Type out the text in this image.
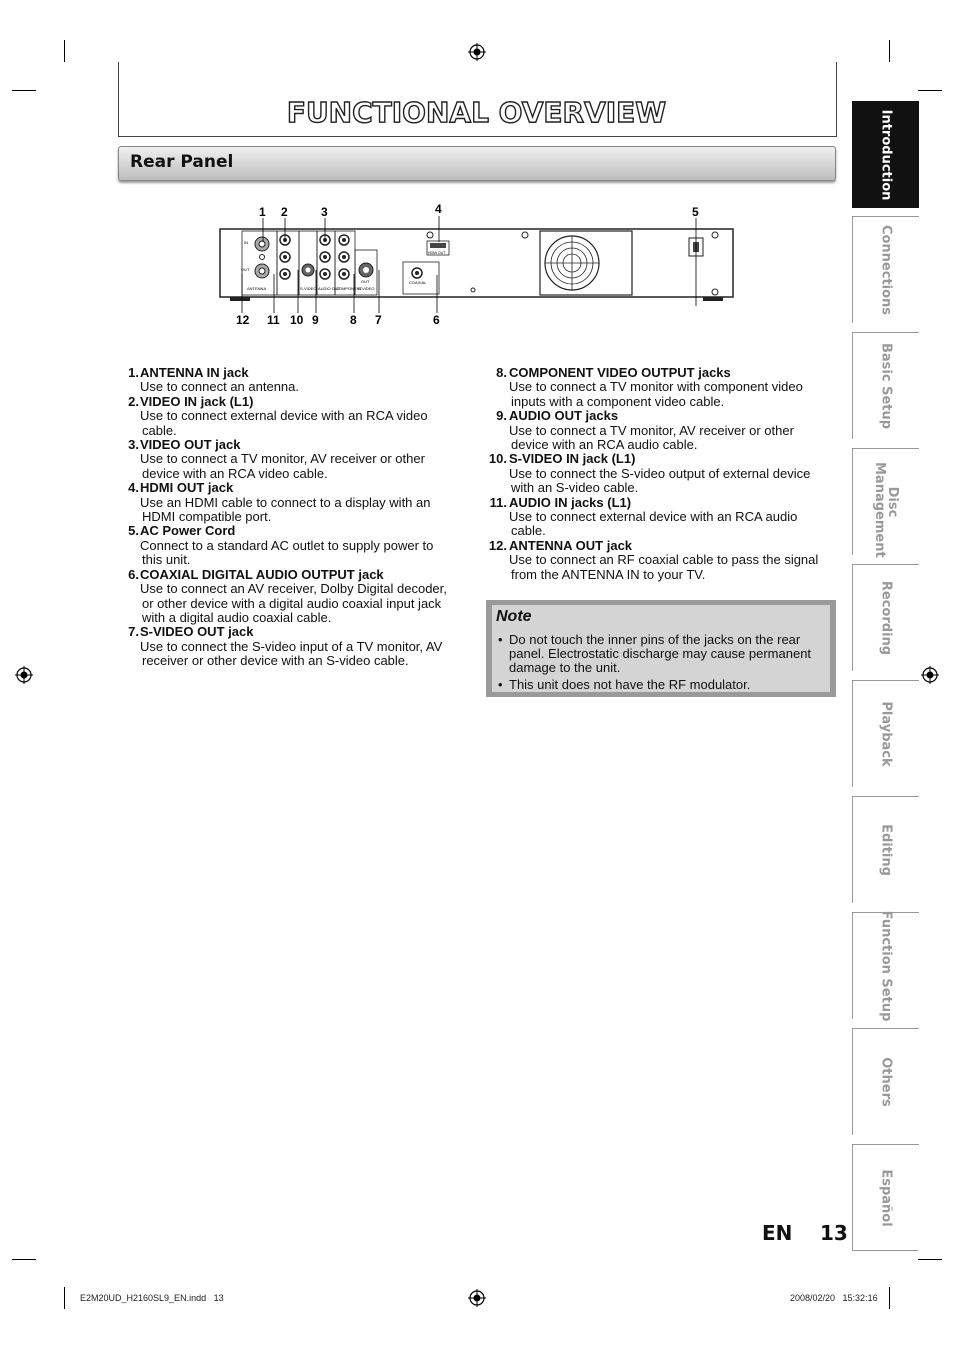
FUNCTIONAL OVERVIEW
Rear Panel	Introduction
Connections
Basic Setup
Disc Management
Recording
Playback
Editing
Function Setup
Others
Español
IN
OUT
ANTENNA	S-VIDEO AUDIO OUT
COMPONENT
S-VIDEO
OUT	COAXIAL
HDMI OUT
1 2	3	4	5
12 11 10 9	8 7	6
1. ANTENNA IN jack
Use to connect an antenna.
2. VIDEO IN jack (L1)
Use to connect external device with an RCA video
cable.
3. VIDEO OUT jack
Use to connect a TV monitor, AV receiver or other
device with an RCA video cable.
4. HDMI OUT jack
Use an HDMI cable to connect to a display with an
HDMI compatible port.
5. AC Power Cord
Connect to a standard AC outlet to supply power to
this unit.
6. COAXIAL DIGITAL AUDIO OUTPUT jack
Use to connect an AV receiver, Dolby Digital decoder,
or other device with a digital audio coaxial input jack
with a digital audio coaxial cable.
7. S-VIDEO OUT jack
Use to connect the S-video input of a TV monitor, AV
receiver or other device with an S-video cable.
8. COMPONENT VIDEO OUTPUT jacks
Use to connect a TV monitor with component video
inputs with a component video cable.
9. AUDIO OUT jacks
Use to connect a TV monitor, AV receiver or other
device with an RCA audio cable.
10. S-VIDEO IN jack (L1)
Use to connect the S-video output of external device
with an S-video cable.
11. AUDIO IN jacks (L1)
Use to connect external device with an RCA audio
cable.
12. ANTENNA OUT jack
Use to connect an RF coaxial cable to pass the signal
from the ANTENNA IN to your TV.
Note
• Do not touch the inner pins of the jacks on the rear
panel. Electrostatic discharge may cause permanent
damage to the unit.
• This unit does not have the RF modulator.
EN 13
E2M20UD_H2160SL9_EN.indd   13	2008/02/20   15:32:16
